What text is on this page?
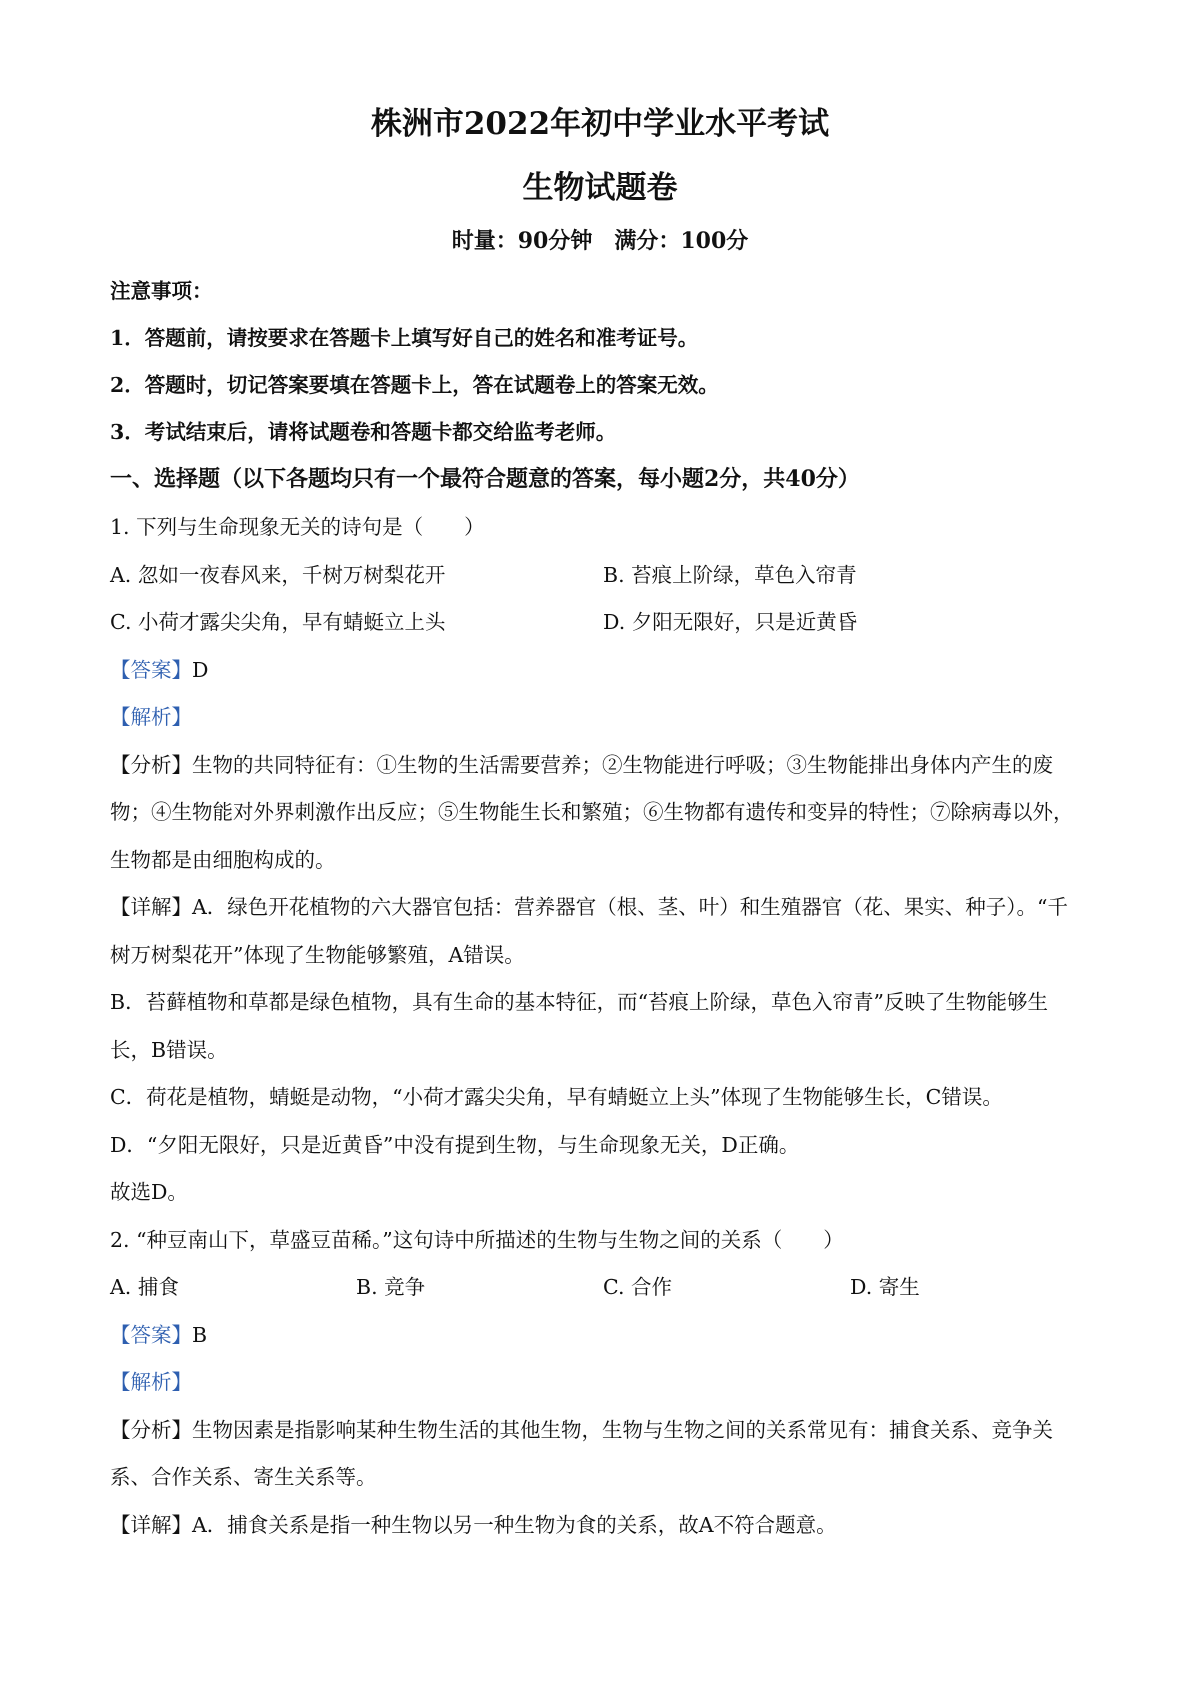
株洲市2022年初中学业水平考试
生物试题卷
时量：90分钟　满分：100分
注意事项：
1．答题前，请按要求在答题卡上填写好自己的姓名和准考证号。
2．答题时，切记答案要填在答题卡上，答在试题卷上的答案无效。
3．考试结束后，请将试题卷和答题卡都交给监考老师。
一、选择题（以下各题均只有一个最符合题意的答案，每小题2分，共40分）
1. 下列与生命现象无关的诗句是（　　）
A. 忽如一夜春风来，千树万树梨花开	B. 苔痕上阶绿，草色入帘青
C. 小荷才露尖尖角，早有蜻蜓立上头	D. 夕阳无限好，只是近黄昏
【答案】D
【解析】
【分析】生物的共同特征有：①生物的生活需要营养；②生物能进行呼吸；③生物能排出身体内产生的废
物；④生物能对外界刺激作出反应；⑤生物能生长和繁殖；⑥生物都有遗传和变异的特性；⑦除病毒以外，
生物都是由细胞构成的。
【详解】A．绿色开花植物的六大器官包括：营养器官（根、茎、叶）和生殖器官（花、果实、种子）。“千
树万树梨花开”体现了生物能够繁殖，A错误。
B．苔藓植物和草都是绿色植物，具有生命的基本特征，而“苔痕上阶绿，草色入帘青”反映了生物能够生
长，B错误。
C．荷花是植物，蜻蜓是动物，“小荷才露尖尖角，早有蜻蜓立上头”体现了生物能够生长，C错误。
D．“夕阳无限好，只是近黄昏”中没有提到生物，与生命现象无关，D正确。
故选D。
2. “种豆南山下，草盛豆苗稀。”这句诗中所描述的生物与生物之间的关系（　　）
A. 捕食	B. 竞争	C. 合作	D. 寄生
【答案】B
【解析】
【分析】生物因素是指影响某种生物生活的其他生物，生物与生物之间的关系常见有：捕食关系、竞争关
系、合作关系、寄生关系等。
【详解】A．捕食关系是指一种生物以另一种生物为食的关系，故A不符合题意。
